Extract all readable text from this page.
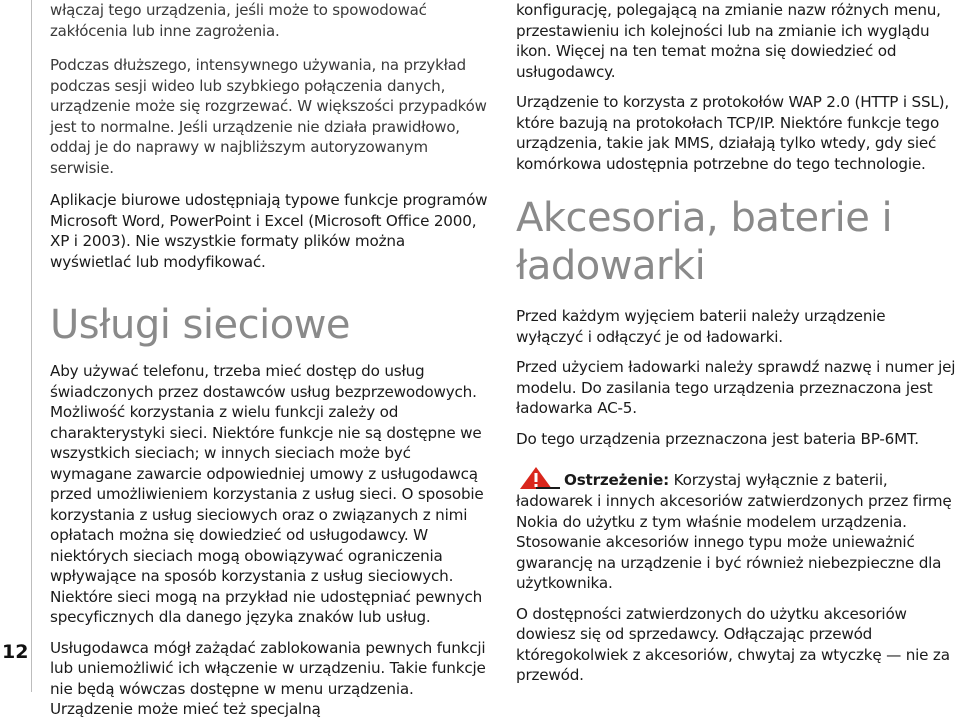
12

włączaj tego urządzenia, jeśli może to spowodować zakłócenia lub inne zagrożenia.

Podczas dłuższego, intensywnego używania, na przykład podczas sesji wideo lub szybkiego połączenia danych, urządzenie może się rozgrzewać. W większości przypadków jest to normalne. Jeśli urządzenie nie działa prawidłowo, oddaj je do naprawy w najbliższym autoryzowanym serwisie.

Aplikacje biurowe udostępniają typowe funkcje programów Microsoft Word, PowerPoint i Excel (Microsoft Office 2000, XP i 2003). Nie wszystkie formaty plików można wyświetlać lub modyfikować.

Usługi sieciowe

Aby używać telefonu, trzeba mieć dostęp do usług świadczonych przez dostawców usług bezprzewodowych. Możliwość korzystania z wielu funkcji zależy od charakterystyki sieci. Niektóre funkcje nie są dostępne we wszystkich sieciach; w innych sieciach może być wymagane zawarcie odpowiedniej umowy z usługodawcą przed umożliwieniem korzystania z usług sieci. O sposobie korzystania z usług sieciowych oraz o związanych z nimi opłatach można się dowiedzieć od usługodawcy. W niektórych sieciach mogą obowiązywać ograniczenia wpływające na sposób korzystania z usług sieciowych. Niektóre sieci mogą na przykład nie udostępniać pewnych specyficznych dla danego języka znaków lub usług.

Usługodawca mógł zażądać zablokowania pewnych funkcji lub uniemożliwić ich włączenie w urządzeniu. Takie funkcje nie będą wówczas dostępne w menu urządzenia. Urządzenie może mieć też specjalną

konfigurację, polegającą na zmianie nazw różnych menu, przestawieniu ich kolejności lub na zmianie ich wyglądu ikon. Więcej na ten temat można się dowiedzieć od usługodawcy.

Urządzenie to korzysta z protokołów WAP 2.0 (HTTP i SSL), które bazują na protokołach TCP/IP. Niektóre funkcje tego urządzenia, takie jak MMS, działają tylko wtedy, gdy sieć komórkowa udostępnia potrzebne do tego technologie.

Akcesoria, baterie i ładowarki

Przed każdym wyjęciem baterii należy urządzenie wyłączyć i odłączyć je od ładowarki.

Przed użyciem ładowarki należy sprawdź nazwę i numer jej modelu. Do zasilania tego urządzenia przeznaczona jest ładowarka AC-5.

Do tego urządzenia przeznaczona jest bateria BP-6MT.

Ostrzeżenie: Korzystaj wyłącznie z baterii, ładowarek i innych akcesoriów zatwierdzonych przez firmę Nokia do użytku z tym właśnie modelem urządzenia. Stosowanie akcesoriów innego typu może unieważnić gwarancję na urządzenie i być również niebezpieczne dla użytkownika.

O dostępności zatwierdzonych do użytku akcesoriów dowiesz się od sprzedawcy. Odłączając przewód któregokolwiek z akcesoriów, chwytaj za wtyczkę — nie za przewód.
